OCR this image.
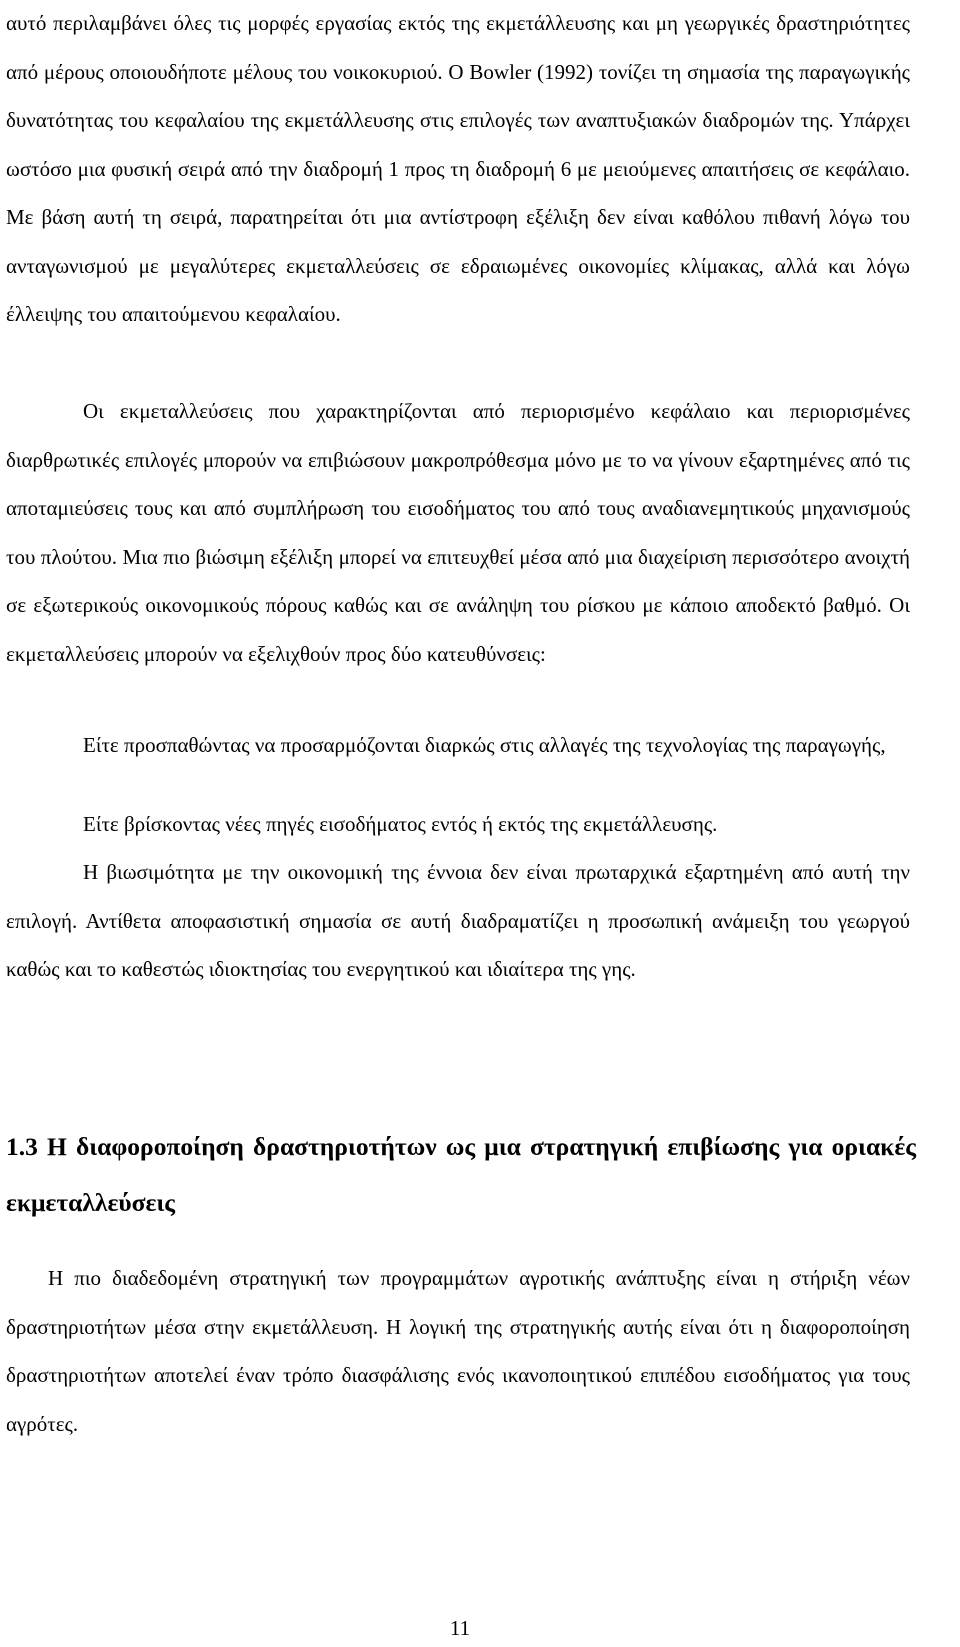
αυτό περιλαμβάνει όλες τις μορφές εργασίας εκτός της εκμετάλλευσης και μη γεωργικές δραστηριότητες από μέρους οποιουδήποτε μέλους του νοικοκυριού. Ο Bowler (1992) τονίζει τη σημασία της παραγωγικής δυνατότητας του κεφαλαίου της εκμετάλλευσης στις επιλογές των αναπτυξιακών διαδρομών της. Υπάρχει ωστόσο μια φυσική σειρά από την διαδρομή 1 προς τη διαδρομή 6 με μειούμενες απαιτήσεις σε κεφάλαιο. Με βάση αυτή τη σειρά, παρατηρείται ότι μια αντίστροφη εξέλιξη δεν είναι καθόλου πιθανή λόγω του ανταγωνισμού με μεγαλύτερες εκμεταλλεύσεις σε εδραιωμένες οικονομίες κλίμακας, αλλά και λόγω έλλειψης του απαιτούμενου κεφαλαίου.

Οι εκμεταλλεύσεις που χαρακτηρίζονται από περιορισμένο κεφάλαιο και περιορισμένες διαρθρωτικές επιλογές μπορούν να επιβιώσουν μακροπρόθεσμα μόνο με το να γίνουν εξαρτημένες από τις αποταμιεύσεις τους και από συμπλήρωση του εισοδήματος του από τους αναδιανεμητικούς μηχανισμούς του πλούτου. Μια πιο βιώσιμη εξέλιξη μπορεί να επιτευχθεί μέσα από μια διαχείριση περισσότερο ανοιχτή σε εξωτερικούς οικονομικούς πόρους καθώς και σε ανάληψη του ρίσκου με κάποιο αποδεκτό βαθμό. Οι εκμεταλλεύσεις μπορούν να εξελιχθούν προς δύο κατευθύνσεις:

Είτε προσπαθώντας να προσαρμόζονται διαρκώς στις αλλαγές της τεχνολογίας της παραγωγής,

Είτε βρίσκοντας νέες πηγές εισοδήματος εντός ή εκτός της εκμετάλλευσης.

Η βιωσιμότητα με την οικονομική της έννοια δεν είναι πρωταρχικά εξαρτημένη από αυτή την επιλογή. Αντίθετα αποφασιστική σημασία σε αυτή διαδραματίζει η προσωπική ανάμειξη του γεωργού καθώς και το καθεστώς ιδιοκτησίας του ενεργητικού και ιδιαίτερα της γης.

1.3 Η διαφοροποίηση δραστηριοτήτων ως μια στρατηγική επιβίωσης για οριακές εκμεταλλεύσεις

Η πιο διαδεδομένη στρατηγική των προγραμμάτων αγροτικής ανάπτυξης είναι η στήριξη νέων δραστηριοτήτων μέσα στην εκμετάλλευση. Η λογική της στρατηγικής αυτής είναι ότι η διαφοροποίηση δραστηριοτήτων αποτελεί έναν τρόπο διασφάλισης ενός ικανοποιητικού επιπέδου εισοδήματος για τους αγρότες.

11
